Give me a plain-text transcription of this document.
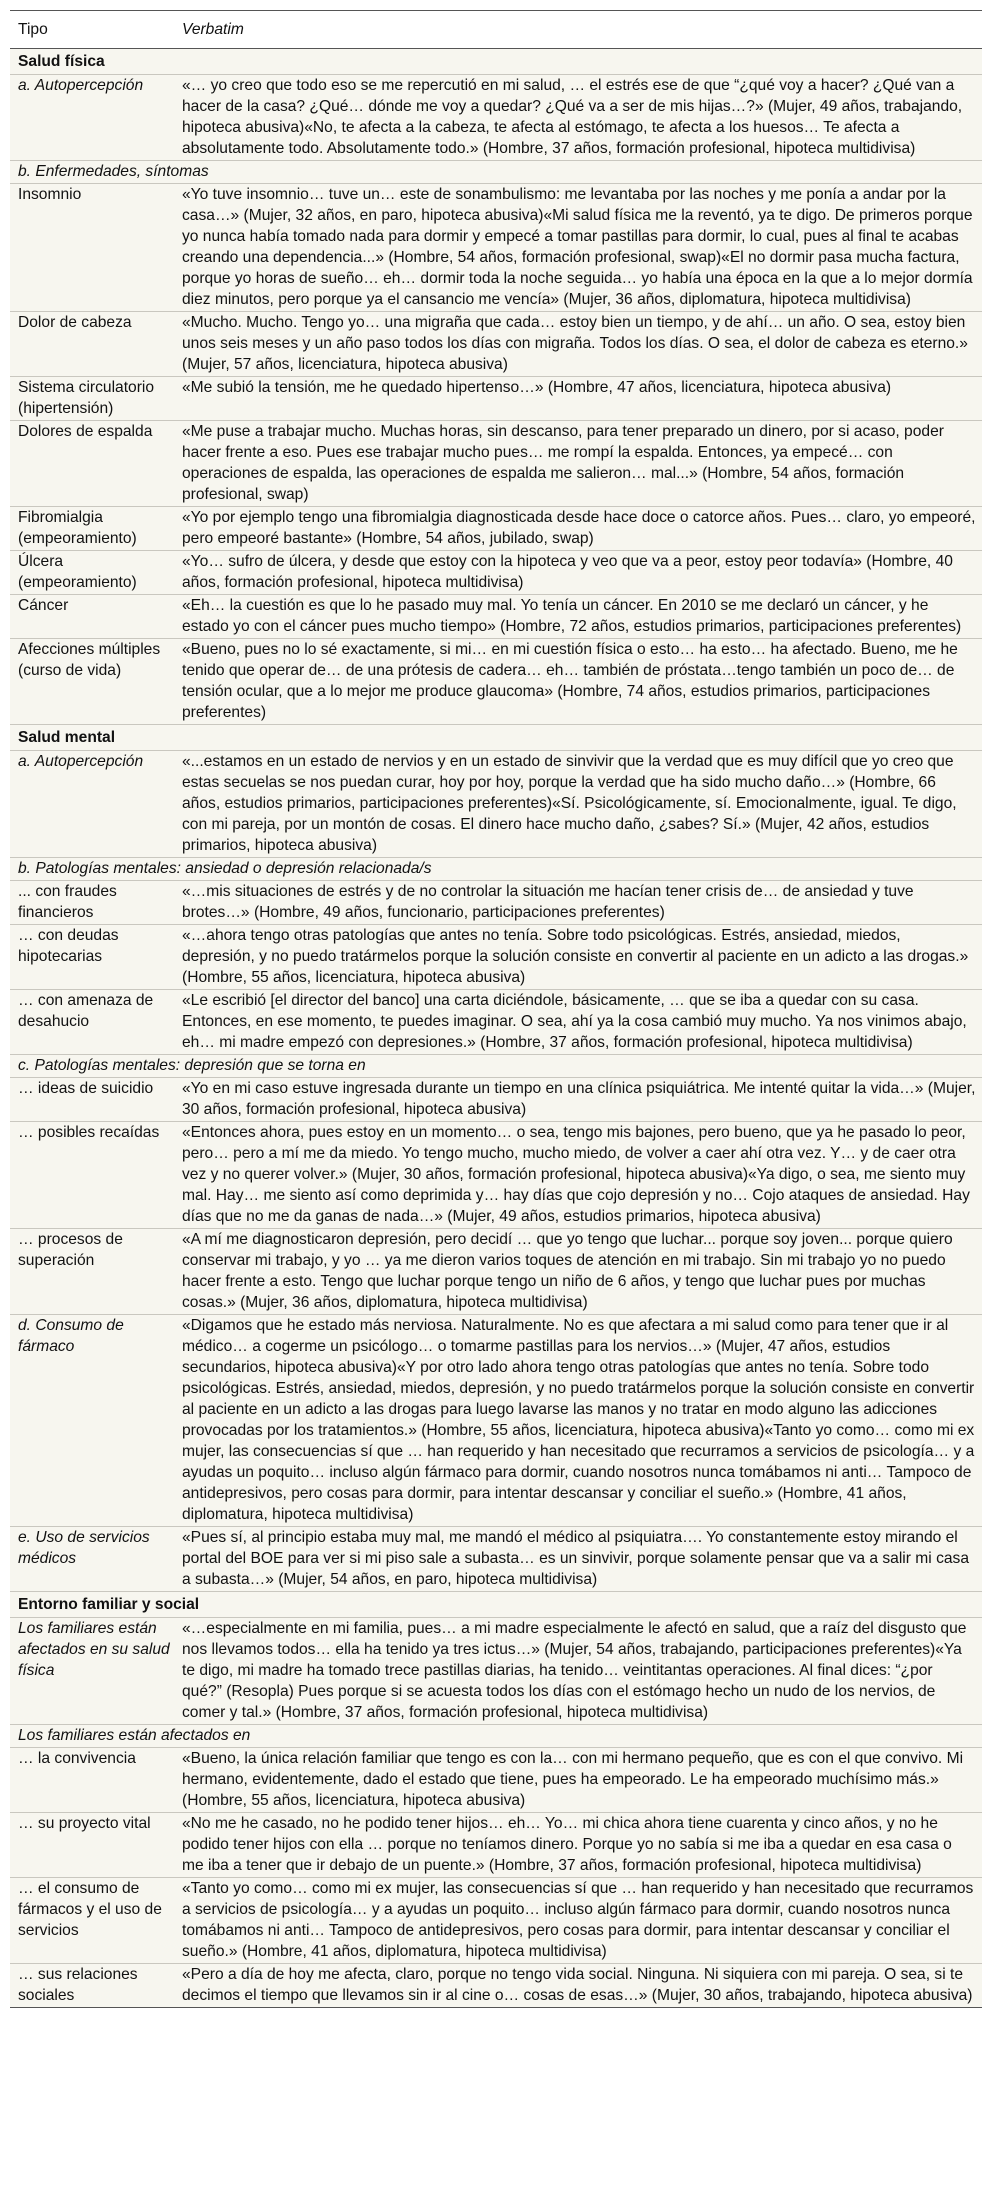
Tipo	Verbatim
Salud física	
a. Autopercepción	«… yo creo que todo eso se me repercutió en mi salud, … el estrés ese de que “¿qué voy a hacer? ¿Qué van a hacer de la casa? ¿Qué… dónde me voy a quedar? ¿Qué va a ser de mis hijas…?» (Mujer, 49 años, trabajando, hipoteca abusiva)«No, te afecta a la cabeza, te afecta al estómago, te afecta a los huesos… Te afecta a absolutamente todo. Absolutamente todo.» (Hombre, 37 años, formación profesional, hipoteca multidivisa)
b. Enfermedades, síntomas	
Insomnio	«Yo tuve insomnio… tuve un… este de sonambulismo: me levantaba por las noches y me ponía a andar por la casa…» (Mujer, 32 años, en paro, hipoteca abusiva)«Mi salud física me la reventó, ya te digo. De primeros porque yo nunca había tomado nada para dormir y empecé a tomar pastillas para dormir, lo cual, pues al final te acabas creando una dependencia...» (Hombre, 54 años, formación profesional, swap)«El no dormir pasa mucha factura, porque yo horas de sueño… eh… dormir toda la noche seguida… yo había una época en la que a lo mejor dormía diez minutos, pero porque ya el cansancio me vencía» (Mujer, 36 años, diplomatura, hipoteca multidivisa)
Dolor de cabeza	«Mucho. Mucho. Tengo yo… una migraña que cada… estoy bien un tiempo, y de ahí… un año. O sea, estoy bien unos seis meses y un año paso todos los días con migraña. Todos los días. O sea, el dolor de cabeza es eterno.» (Mujer, 57 años, licenciatura, hipoteca abusiva)
Sistema circulatorio (hipertensión)	«Me subió la tensión, me he quedado hipertenso…» (Hombre, 47 años, licenciatura, hipoteca abusiva)
Dolores de espalda	«Me puse a trabajar mucho. Muchas horas, sin descanso, para tener preparado un dinero, por si acaso, poder hacer frente a eso. Pues ese trabajar mucho pues… me rompí la espalda. Entonces, ya empecé… con operaciones de espalda, las operaciones de espalda me salieron… mal...» (Hombre, 54 años, formación profesional, swap)
Fibromialgia (empeoramiento)	«Yo por ejemplo tengo una fibromialgia diagnosticada desde hace doce o catorce años. Pues… claro, yo empeoré, pero empeoré bastante» (Hombre, 54 años, jubilado, swap)
Úlcera (empeoramiento)	«Yo… sufro de úlcera, y desde que estoy con la hipoteca y veo que va a peor, estoy peor todavía» (Hombre, 40 años, formación profesional, hipoteca multidivisa)
Cáncer	«Eh… la cuestión es que lo he pasado muy mal. Yo tenía un cáncer. En 2010 se me declaró un cáncer, y he estado yo con el cáncer pues mucho tiempo» (Hombre, 72 años, estudios primarios, participaciones preferentes)
Afecciones múltiples (curso de vida)	«Bueno, pues no lo sé exactamente, si mi… en mi cuestión física o esto… ha esto… ha afectado. Bueno, me he tenido que operar de… de una prótesis de cadera… eh… también de próstata…tengo también un poco de… de tensión ocular, que a lo mejor me produce glaucoma» (Hombre, 74 años, estudios primarios, participaciones preferentes)
Salud mental	
a. Autopercepción	«...estamos en un estado de nervios y en un estado de sinvivir que la verdad que es muy difícil que yo creo que estas secuelas se nos puedan curar, hoy por hoy, porque la verdad que ha sido mucho daño…» (Hombre, 66 años, estudios primarios, participaciones preferentes)«Sí. Psicológicamente, sí. Emocionalmente, igual. Te digo, con mi pareja, por un montón de cosas. El dinero hace mucho daño, ¿sabes? Sí.» (Mujer, 42 años, estudios primarios, hipoteca abusiva)
b. Patologías mentales: ansiedad o depresión relacionada/s	
... con fraudes financieros	«…mis situaciones de estrés y de no controlar la situación me hacían tener crisis de… de ansiedad y tuve brotes…» (Hombre, 49 años, funcionario, participaciones preferentes)
… con deudas hipotecarias	«…ahora tengo otras patologías que antes no tenía. Sobre todo psicológicas. Estrés, ansiedad, miedos, depresión, y no puedo tratármelos porque la solución consiste en convertir al paciente en un adicto a las drogas.» (Hombre, 55 años, licenciatura, hipoteca abusiva)
… con amenaza de desahucio	«Le escribió [el director del banco] una carta diciéndole, básicamente, … que se iba a quedar con su casa. Entonces, en ese momento, te puedes imaginar. O sea, ahí ya la cosa cambió muy mucho. Ya nos vinimos abajo, eh… mi madre empezó con depresiones.» (Hombre, 37 años, formación profesional, hipoteca multidivisa)
c. Patologías mentales: depresión que se torna en	
… ideas de suicidio	«Yo en mi caso estuve ingresada durante un tiempo en una clínica psiquiátrica. Me intenté quitar la vida…» (Mujer, 30 años, formación profesional, hipoteca abusiva)
… posibles recaídas	«Entonces ahora, pues estoy en un momento… o sea, tengo mis bajones, pero bueno, que ya he pasado lo peor, pero… pero a mí me da miedo. Yo tengo mucho, mucho miedo, de volver a caer ahí otra vez. Y… y de caer otra vez y no querer volver.» (Mujer, 30 años, formación profesional, hipoteca abusiva)«Ya digo, o sea, me siento muy mal. Hay… me siento así como deprimida y… hay días que cojo depresión y no… Cojo ataques de ansiedad. Hay días que no me da ganas de nada…» (Mujer, 49 años, estudios primarios, hipoteca abusiva)
… procesos de superación	«A mí me diagnosticaron depresión, pero decidí … que yo tengo que luchar... porque soy joven... porque quiero conservar mi trabajo, y yo … ya me dieron varios toques de atención en mi trabajo. Sin mi trabajo yo no puedo hacer frente a esto. Tengo que luchar porque tengo un niño de 6 años, y tengo que luchar pues por muchas cosas.» (Mujer, 36 años, diplomatura, hipoteca multidivisa)
d. Consumo de fármaco	«Digamos que he estado más nerviosa. Naturalmente. No es que afectara a mi salud como para tener que ir al médico… a cogerme un psicólogo… o tomarme pastillas para los nervios…» (Mujer, 47 años, estudios secundarios, hipoteca abusiva)«Y por otro lado ahora tengo otras patologías que antes no tenía. Sobre todo psicológicas. Estrés, ansiedad, miedos, depresión, y no puedo tratármelos porque la solución consiste en convertir al paciente en un adicto a las drogas para luego lavarse las manos y no tratar en modo alguno las adicciones provocadas por los tratamientos.» (Hombre, 55 años, licenciatura, hipoteca abusiva)«Tanto yo como… como mi ex mujer, las consecuencias sí que … han requerido y han necesitado que recurramos a servicios de psicología… y a ayudas un poquito… incluso algún fármaco para dormir, cuando nosotros nunca tomábamos ni anti… Tampoco de antidepresivos, pero cosas para dormir, para intentar descansar y conciliar el sueño.» (Hombre, 41 años, diplomatura, hipoteca multidivisa)
e. Uso de servicios médicos	«Pues sí, al principio estaba muy mal, me mandó el médico al psiquiatra…. Yo constantemente estoy mirando el portal del BOE para ver si mi piso sale a subasta… es un sinvivir, porque solamente pensar que va a salir mi casa a subasta…» (Mujer, 54 años, en paro, hipoteca multidivisa)
Entorno familiar y social	
Los familiares están afectados en su salud física	«…especialmente en mi familia, pues… a mi madre especialmente le afectó en salud, que a raíz del disgusto que nos llevamos todos… ella ha tenido ya tres ictus…» (Mujer, 54 años, trabajando, participaciones preferentes)«Ya te digo, mi madre ha tomado trece pastillas diarias, ha tenido… veintitantas operaciones. Al final dices: “¿por qué?” (Resopla) Pues porque si se acuesta todos los días con el estómago hecho un nudo de los nervios, de comer y tal.» (Hombre, 37 años, formación profesional, hipoteca multidivisa)
Los familiares están afectados en	
… la convivencia	«Bueno, la única relación familiar que tengo es con la… con mi hermano pequeño, que es con el que convivo. Mi hermano, evidentemente, dado el estado que tiene, pues ha empeorado. Le ha empeorado muchísimo más.» (Hombre, 55 años, licenciatura, hipoteca abusiva)
… su proyecto vital	«No me he casado, no he podido tener hijos… eh… Yo… mi chica ahora tiene cuarenta y cinco años, y no he podido tener hijos con ella … porque no teníamos dinero. Porque yo no sabía si me iba a quedar en esa casa o me iba a tener que ir debajo de un puente.» (Hombre, 37 años, formación profesional, hipoteca multidivisa)
… el consumo de fármacos y el uso de servicios	«Tanto yo como… como mi ex mujer, las consecuencias sí que … han requerido y han necesitado que recurramos a servicios de psicología… y a ayudas un poquito… incluso algún fármaco para dormir, cuando nosotros nunca tomábamos ni anti… Tampoco de antidepresivos, pero cosas para dormir, para intentar descansar y conciliar el sueño.» (Hombre, 41 años, diplomatura, hipoteca multidivisa)
… sus relaciones sociales	«Pero a día de hoy me afecta, claro, porque no tengo vida social. Ninguna. Ni siquiera con mi pareja. O sea, si te decimos el tiempo que llevamos sin ir al cine o… cosas de esas…» (Mujer, 30 años, trabajando, hipoteca abusiva)
